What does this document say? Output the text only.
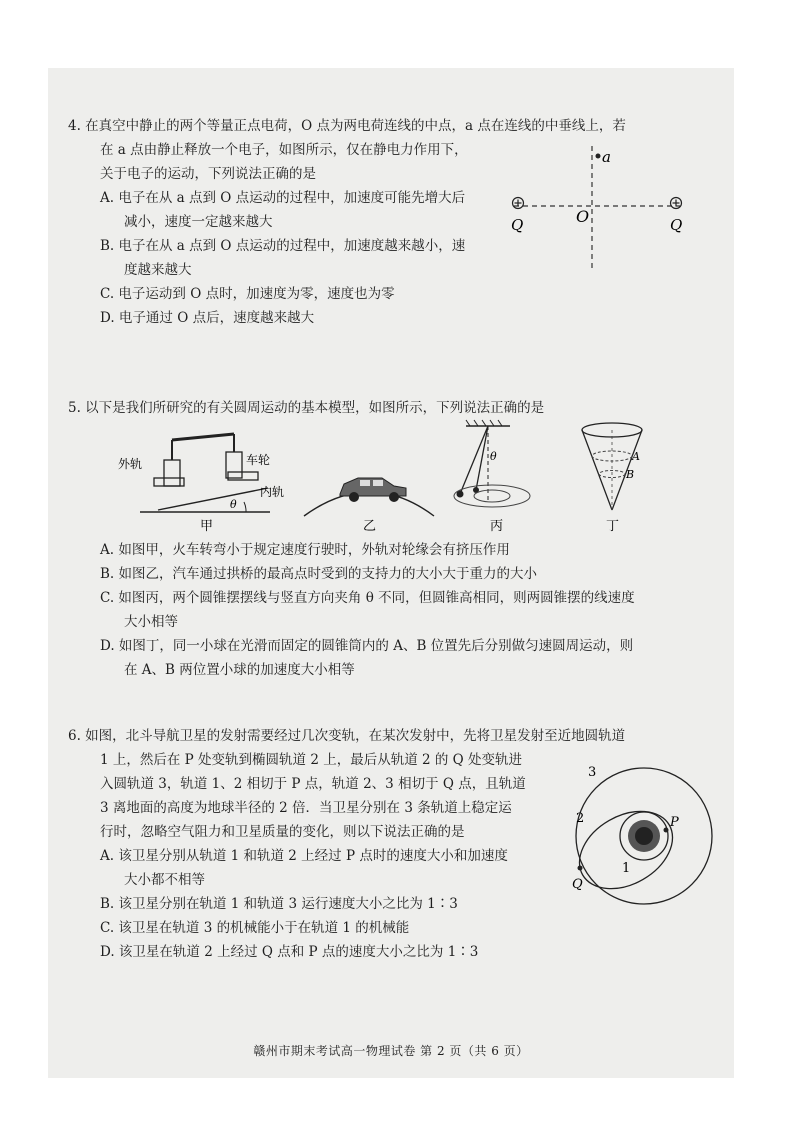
4. 在真空中静止的两个等量正点电荷，O 点为两电荷连线的中点，a 点在连线的中垂线上，若
在 a 点由静止释放一个电子，如图所示，仅在静电力作用下，
关于电子的运动，下列说法正确的是
A. 电子在从 a 点到 O 点运动的过程中，加速度可能先增大后
减小，速度一定越来越大
B. 电子在从 a 点到 O 点运动的过程中，加速度越来越小，速
度越来越大
C. 电子运动到 O 点时，加速度为零，速度也为零
D. 电子通过 O 点后，速度越来越大
a
O
Q	Q
5. 以下是我们所研究的有关圆周运动的基本模型，如图所示，下列说法正确的是
外轨	车轮
内轨
θ
甲	乙
θ
丙
A
B
丁
A. 如图甲，火车转弯小于规定速度行驶时，外轨对轮缘会有挤压作用
B. 如图乙，汽车通过拱桥的最高点时受到的支持力的大小大于重力的大小
C. 如图丙，两个圆锥摆摆线与竖直方向夹角 θ 不同，但圆锥高相同，则两圆锥摆的线速度
大小相等
D. 如图丁，同一小球在光滑而固定的圆锥筒内的 A、B 位置先后分别做匀速圆周运动，则
在 A、B 两位置小球的加速度大小相等
6. 如图，北斗导航卫星的发射需要经过几次变轨，在某次发射中，先将卫星发射至近地圆轨道
1 上，然后在 P 处变轨到椭圆轨道 2 上，最后从轨道 2 的 Q 处变轨进
入圆轨道 3，轨道 1、2 相切于 P 点，轨道 2、3 相切于 Q 点，且轨道
3 离地面的高度为地球半径的 2 倍．当卫星分别在 3 条轨道上稳定运
行时，忽略空气阻力和卫星质量的变化，则以下说法正确的是
A. 该卫星分别从轨道 1 和轨道 2 上经过 P 点时的速度大小和加速度
大小都不相等
B. 该卫星分别在轨道 1 和轨道 3 运行速度大小之比为 1∶3
C. 该卫星在轨道 3 的机械能小于在轨道 1 的机械能
D. 该卫星在轨道 2 上经过 Q 点和 P 点的速度大小之比为 1∶3
3
2
1
P
Q
赣州市期末考试高一物理试卷 第 2 页（共 6 页）
